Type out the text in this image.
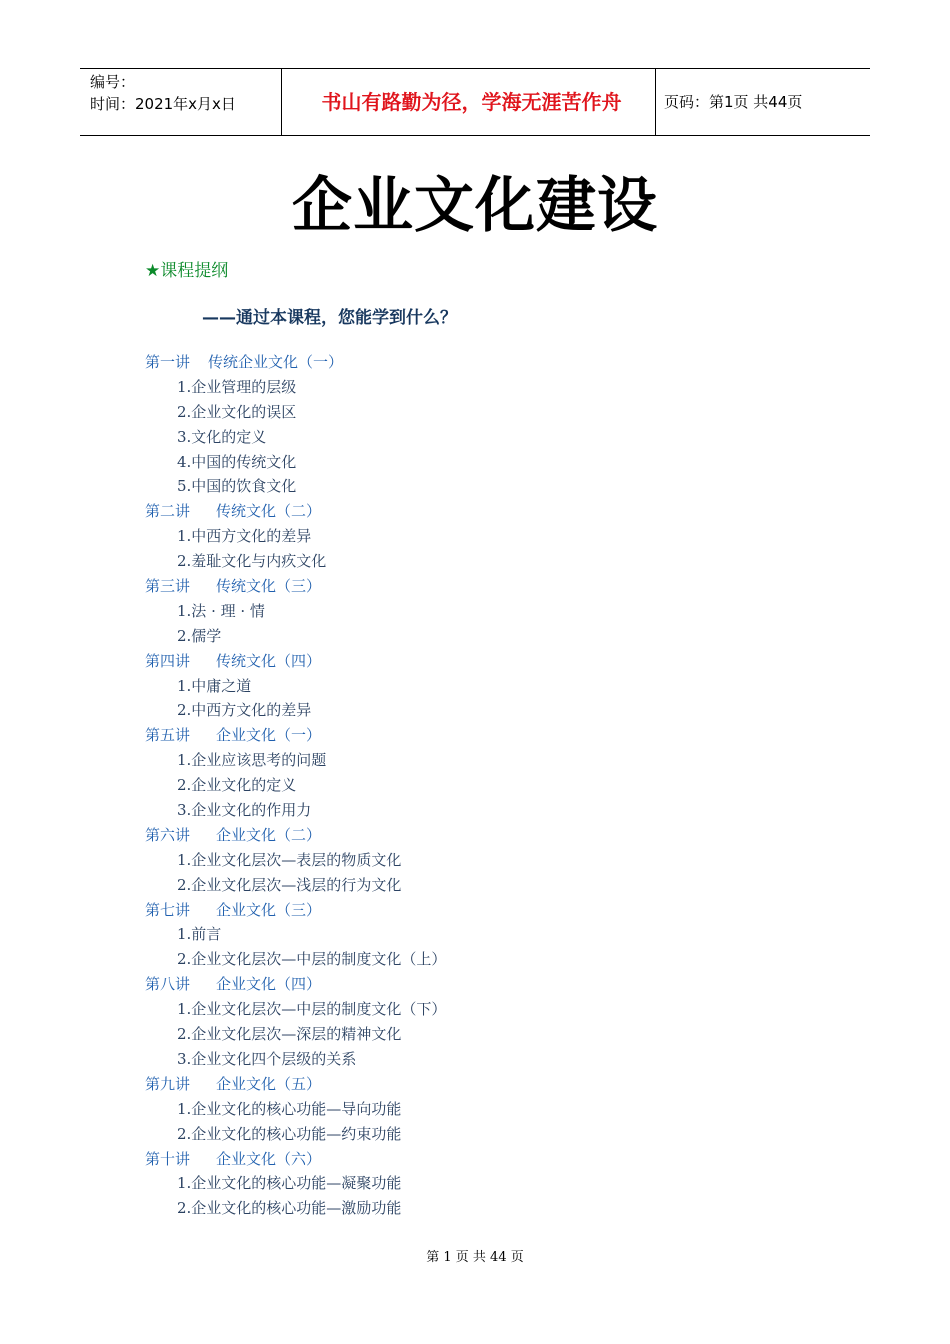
编号：
时间：2021年x月x日	书山有路勤为径，学海无涯苦作舟	页码：第1页 共44页
企业文化建设
★课程提纲
——通过本课程，您能学到什么？
第一讲 传统企业文化（一）
1.企业管理的层级
2.企业文化的误区
3.文化的定义
4.中国的传统文化
5.中国的饮食文化
第二讲 传统文化（二）
1.中西方文化的差异
2.羞耻文化与内疚文化
第三讲 传统文化（三）
1.法 · 理 · 情
2.儒学
第四讲 传统文化（四）
1.中庸之道
2.中西方文化的差异
第五讲 企业文化（一）
1.企业应该思考的问题
2.企业文化的定义
3.企业文化的作用力
第六讲 企业文化（二）
1.企业文化层次—表层的物质文化
2.企业文化层次—浅层的行为文化
第七讲 企业文化（三）
1.前言
2.企业文化层次—中层的制度文化（上）
第八讲 企业文化（四）
1.企业文化层次—中层的制度文化（下）
2.企业文化层次—深层的精神文化
3.企业文化四个层级的关系
第九讲 企业文化（五）
1.企业文化的核心功能—导向功能
2.企业文化的核心功能—约束功能
第十讲 企业文化（六）
1.企业文化的核心功能—凝聚功能
2.企业文化的核心功能—激励功能
第 1 页 共 44 页
